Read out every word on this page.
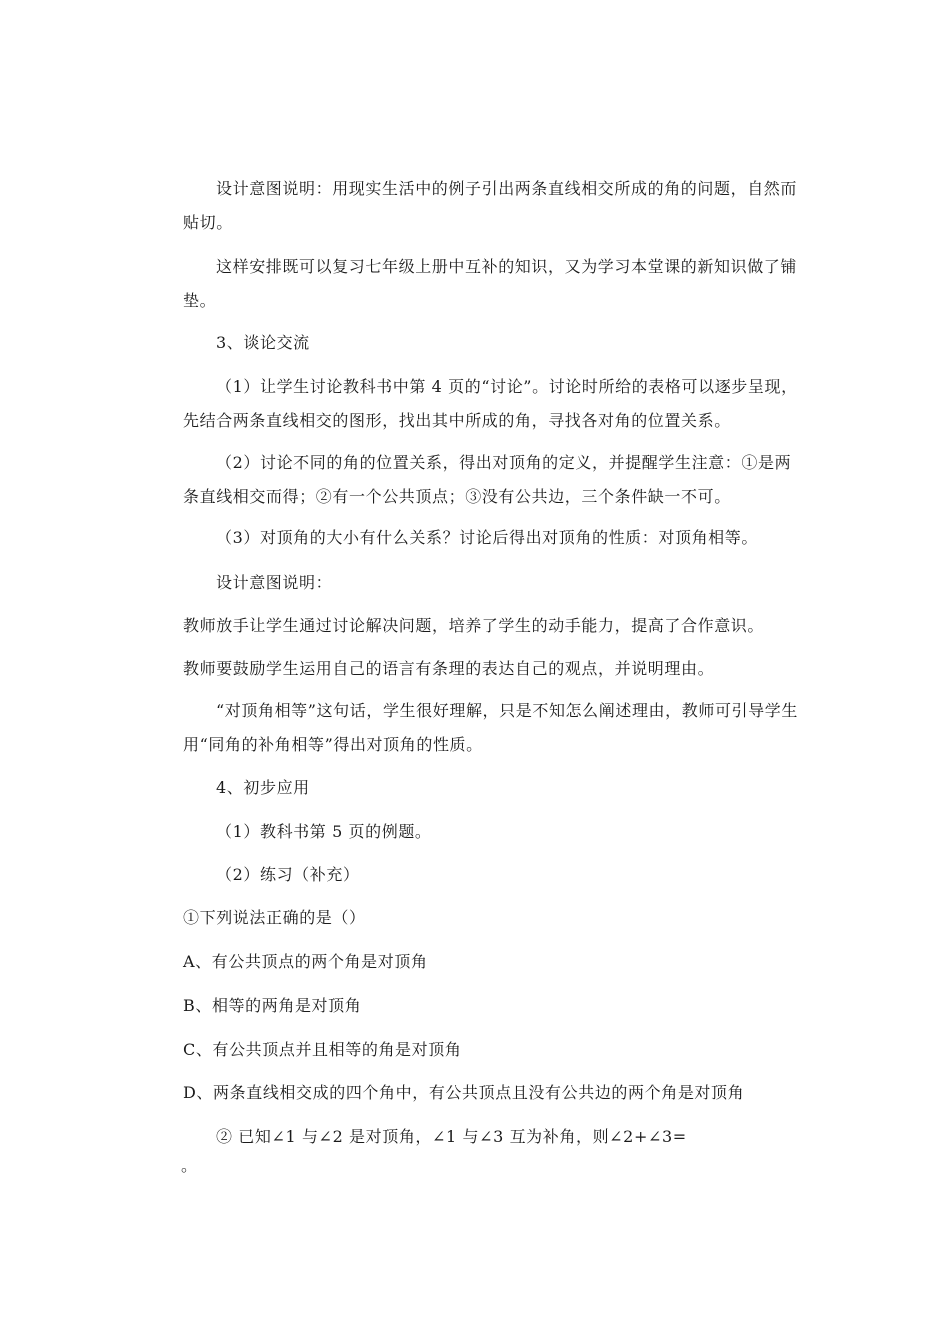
设计意图说明：用现实生活中的例子引出两条直线相交所成的角的问题，自然而贴切。

这样安排既可以复习七年级上册中互补的知识，又为学习本堂课的新知识做了铺垫。

3、谈论交流

（1）让学生讨论教科书中第 4 页的“讨论”。讨论时所给的表格可以逐步呈现，先结合两条直线相交的图形，找出其中所成的角，寻找各对角的位置关系。

（2）讨论不同的角的位置关系，得出对顶角的定义，并提醒学生注意：①是两条直线相交而得；②有一个公共顶点；③没有公共边，三个条件缺一不可。

（3）对顶角的大小有什么关系？讨论后得出对顶角的性质：对顶角相等。

设计意图说明：

教师放手让学生通过讨论解决问题，培养了学生的动手能力，提高了合作意识。

教师要鼓励学生运用自己的语言有条理的表达自己的观点，并说明理由。

“对顶角相等”这句话，学生很好理解，只是不知怎么阐述理由，教师可引导学生用“同角的补角相等”得出对顶角的性质。

4、初步应用

（1）教科书第 5 页的例题。

（2）练习（补充）

①下列说法正确的是（）

A、有公共顶点的两个角是对顶角

B、相等的两角是对顶角

C、有公共顶点并且相等的角是对顶角

D、两条直线相交成的四个角中，有公共顶点且没有公共边的两个角是对顶角

② 已知∠1 与∠2 是对顶角，∠1 与∠3 互为补角，则∠2+∠3=

。
